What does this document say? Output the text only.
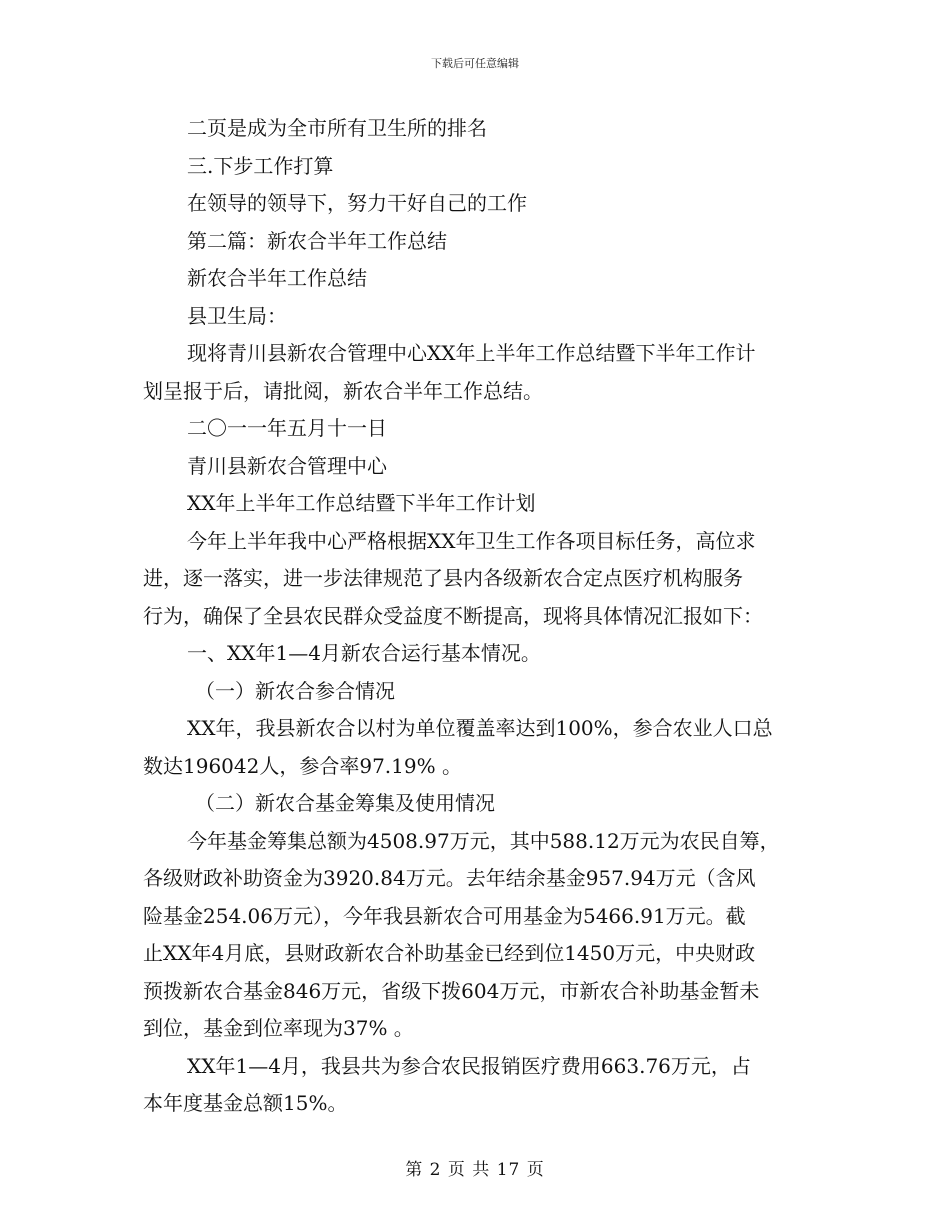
下载后可任意编辑
二页是成为全市所有卫生所的排名
三.下步工作打算
在领导的领导下，努力干好自己的工作
第二篇：新农合半年工作总结
新农合半年工作总结
县卫生局：
现将青川县新农合管理中心XX年上半年工作总结暨下半年工作计
划呈报于后，请批阅，新农合半年工作总结。
二〇一一年五月十一日
青川县新农合管理中心
XX年上半年工作总结暨下半年工作计划
今年上半年我中心严格根据XX年卫生工作各项目标任务，高位求
进，逐一落实，进一步法律规范了县内各级新农合定点医疗机构服务
行为，确保了全县农民群众受益度不断提高，现将具体情况汇报如下：
一、XX年1—4月新农合运行基本情况。
（一）新农合参合情况
XX年，我县新农合以村为单位覆盖率达到100%，参合农业人口总
数达196042人，参合率97.19% 。
（二）新农合基金筹集及使用情况
今年基金筹集总额为4508.97万元，其中588.12万元为农民自筹，
各级财政补助资金为3920.84万元。去年结余基金957.94万元（含风
险基金254.06万元），今年我县新农合可用基金为5466.91万元。截
止XX年4月底，县财政新农合补助基金已经到位1450万元，中央财政
预拨新农合基金846万元，省级下拨604万元，市新农合补助基金暂未
到位，基金到位率现为37% 。
XX年1—4月，我县共为参合农民报销医疗费用663.76万元，占
本年度基金总额15%。
第 2 页 共 17 页
